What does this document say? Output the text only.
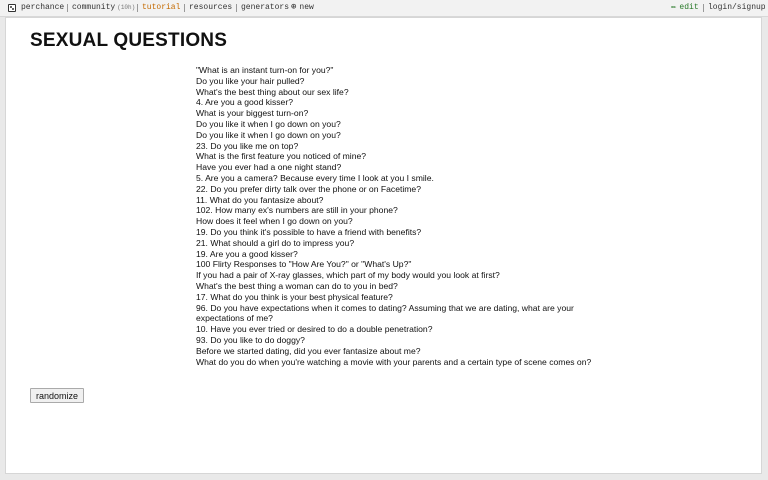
perchance community (10h) tutorial resources generators ⊕ new	✏ edit login/signup
SEXUAL QUESTIONS
"What is an instant turn-on for you?"
Do you like your hair pulled?
What's the best thing about our sex life?
4. Are you a good kisser?
What is your biggest turn-on?
Do you like it when I go down on you?
Do you like it when I go down on you?
23. Do you like me on top?
What is the first feature you noticed of mine?
Have you ever had a one night stand?
5. Are you a camera? Because every time I look at you I smile.
22. Do you prefer dirty talk over the phone or on Facetime?
11. What do you fantasize about?
102. How many ex's numbers are still in your phone?
How does it feel when I go down on you?
19. Do you think it's possible to have a friend with benefits?
21. What should a girl do to impress you?
19. Are you a good kisser?
100 Flirty Responses to "How Are You?" or "What's Up?"
If you had a pair of X-ray glasses, which part of my body would you look at first?
What's the best thing a woman can do to you in bed?
17. What do you think is your best physical feature?
96. Do you have expectations when it comes to dating? Assuming that we are dating, what are your expectations of me?
10. Have you ever tried or desired to do a double penetration?
93. Do you like to do doggy?
Before we started dating, did you ever fantasize about me?
What do you do when you're watching a movie with your parents and a certain type of scene comes on?
randomize
